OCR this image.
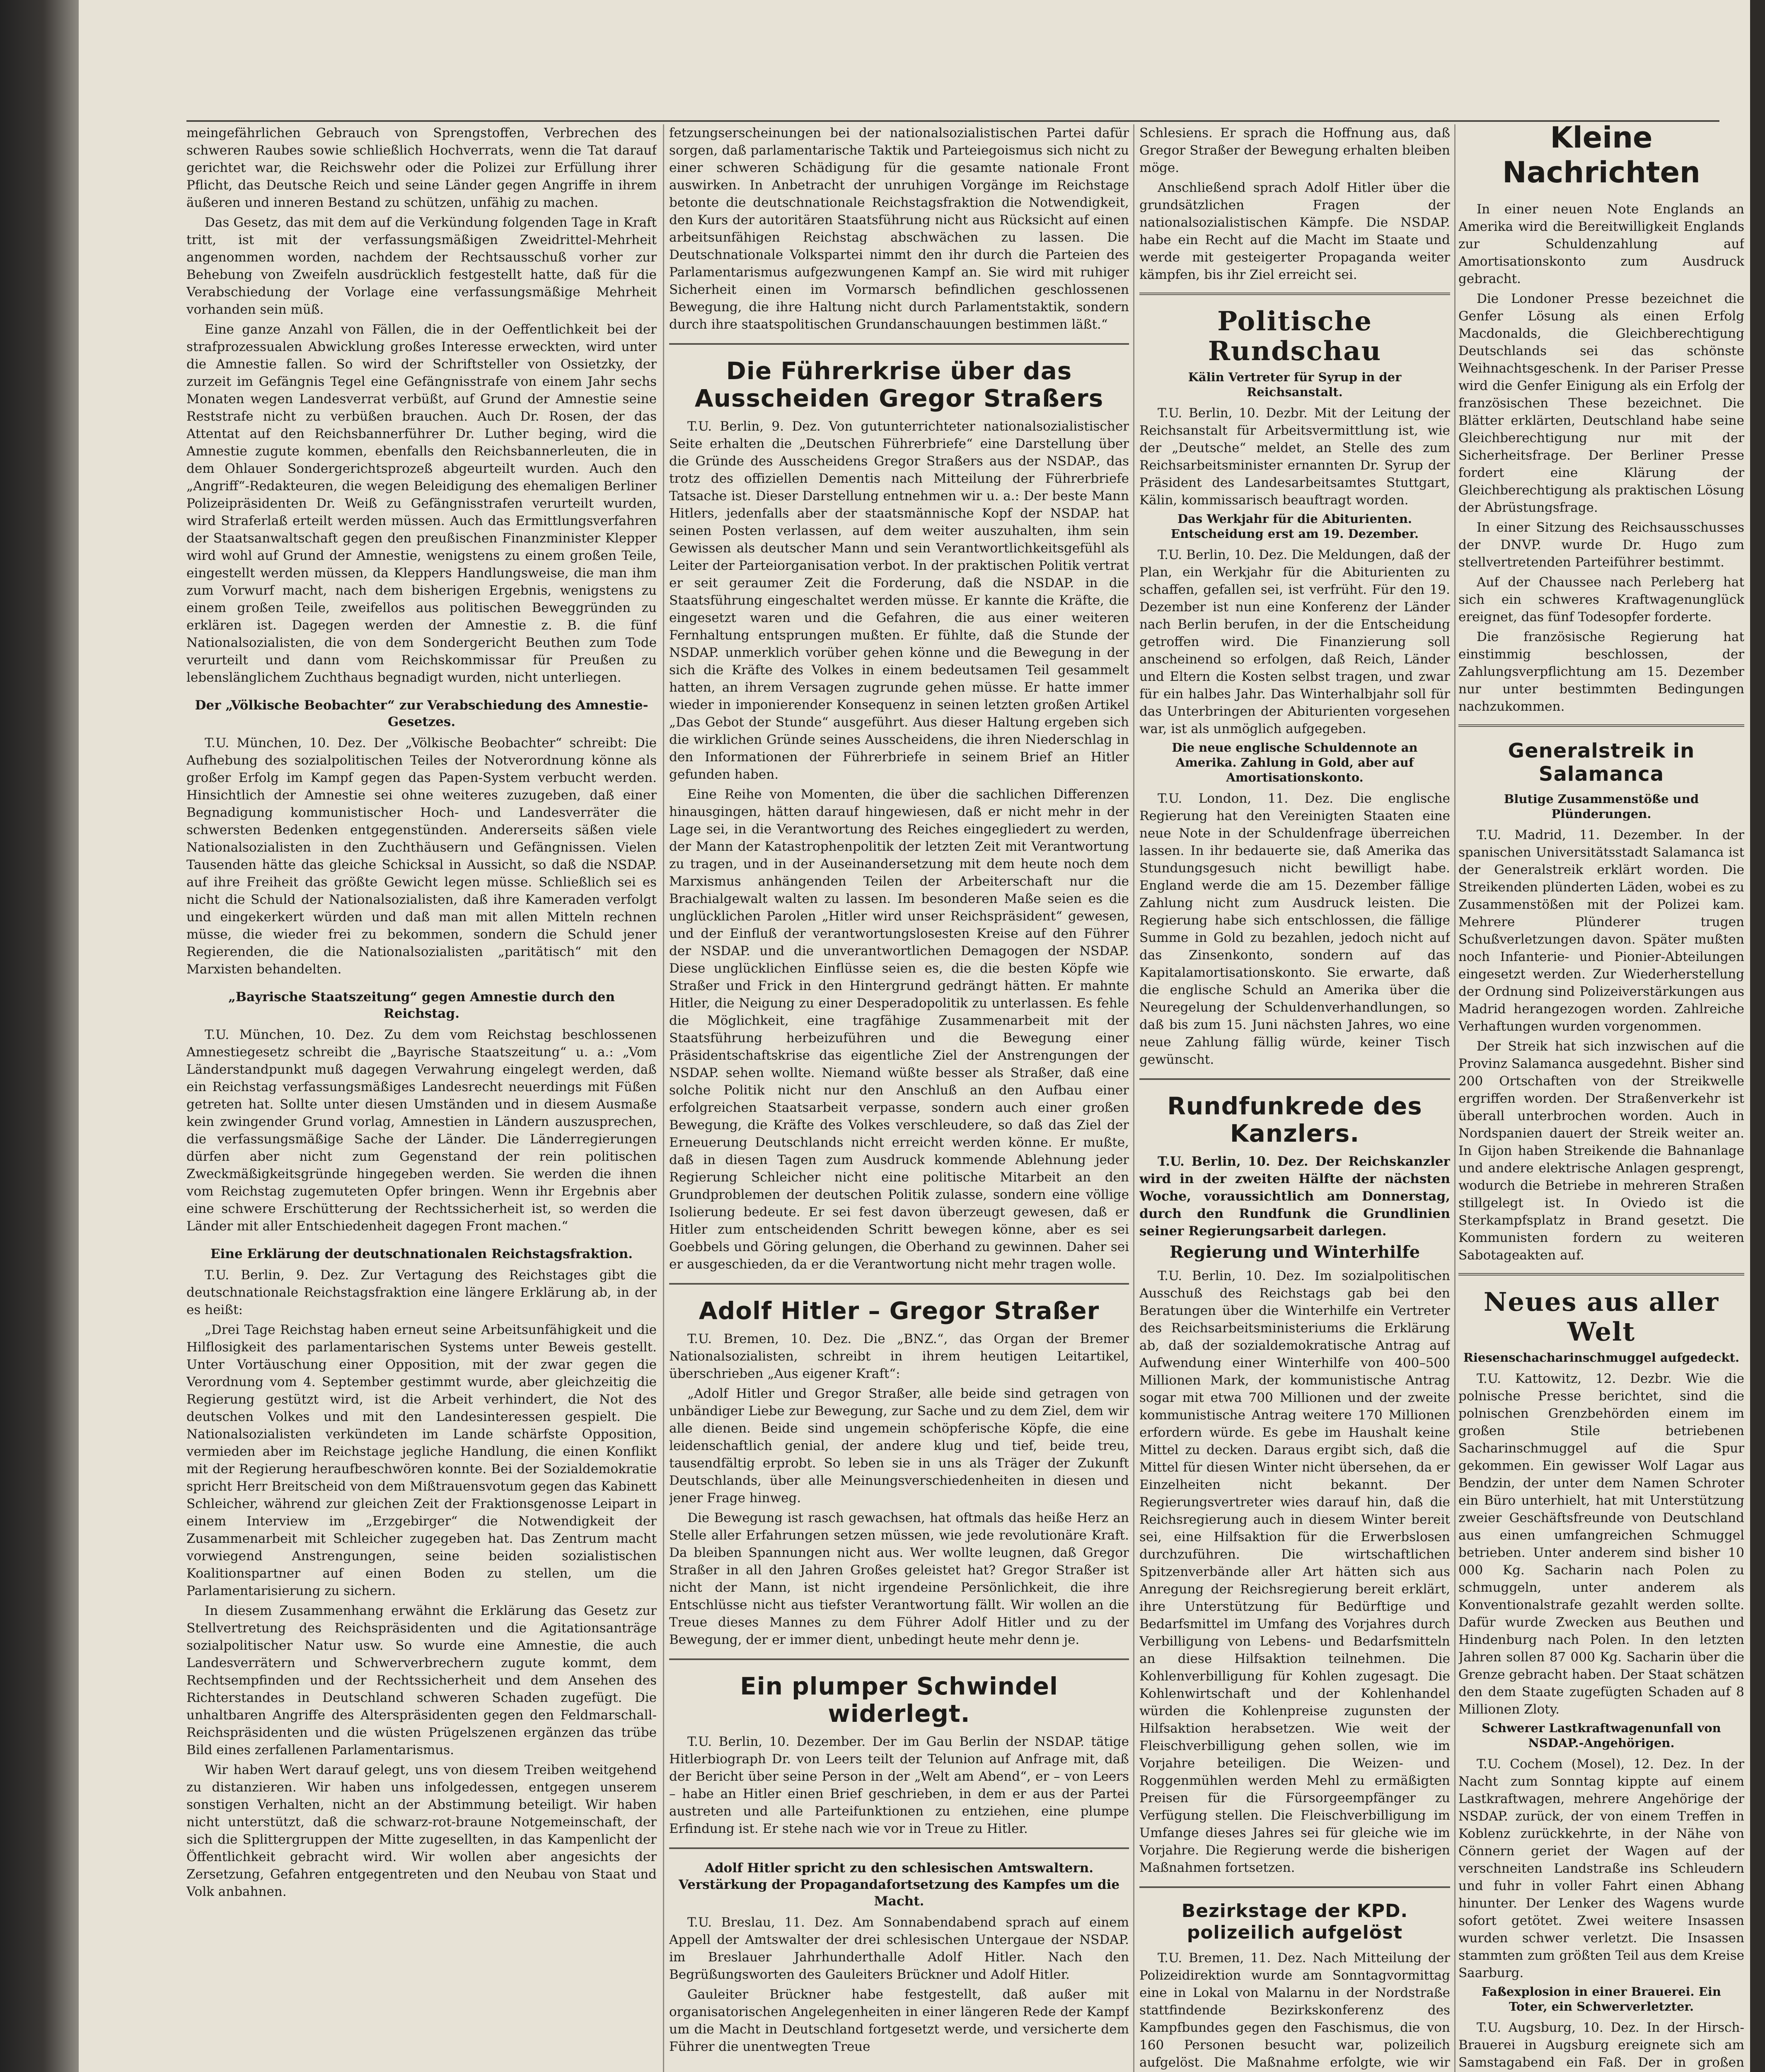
meingefährlichen Gebrauch von Sprengstoffen, Verbrechen des schweren Raubes sowie schließlich Hochverrats, wenn die Tat darauf gerichtet war, die Reichswehr oder die Polizei zur Erfüllung ihrer Pflicht, das Deutsche Reich und seine Länder gegen Angriffe in ihrem äußeren und inneren Bestand zu schützen, unfähig zu machen.

Das Gesetz, das mit dem auf die Verkündung folgenden Tage in Kraft tritt, ist mit der verfassungsmäßigen Zweidrittel-Mehrheit angenommen worden, nachdem der Rechtsausschuß vorher zur Behebung von Zweifeln ausdrücklich festgestellt hatte, daß für die Verabschiedung der Vorlage eine verfassungsmäßige Mehrheit vorhanden sein müß.

Eine ganze Anzahl von Fällen, die in der Oeffentlichkeit bei der strafprozessualen Abwicklung großes Interesse erweckten, wird unter die Amnestie fallen. So wird der Schriftsteller von Ossietzky, der zurzeit im Gefängnis Tegel eine Gefängnisstrafe von einem Jahr sechs Monaten wegen Landesverrat verbüßt, auf Grund der Amnestie seine Reststrafe nicht zu verbüßen brauchen. Auch Dr. Rosen, der das Attentat auf den Reichsbannerführer Dr. Luther beging, wird die Amnestie zugute kommen, ebenfalls den Reichsbannerleuten, die in dem Ohlauer Sondergerichtsprozeß abgeurteilt wurden. Auch den „Angriff“-Redakteuren, die wegen Beleidigung des ehemaligen Berliner Polizeipräsidenten Dr. Weiß zu Gefängnisstrafen verurteilt wurden, wird Straferlaß erteilt werden müssen. Auch das Ermittlungsverfahren der Staatsanwaltschaft gegen den preußischen Finanzminister Klepper wird wohl auf Grund der Amnestie, wenigstens zu einem großen Teile, eingestellt werden müssen, da Kleppers Handlungsweise, die man ihm zum Vorwurf macht, nach dem bisherigen Ergebnis, wenigstens zu einem großen Teile, zweifellos aus politischen Beweggründen zu erklären ist. Dagegen werden der Amnestie z. B. die fünf Nationalsozialisten, die von dem Sondergericht Beuthen zum Tode verurteilt und dann vom Reichskommissar für Preußen zu lebenslänglichem Zuchthaus begnadigt wurden, nicht unterliegen.

Der „Völkische Beobachter“ zur Verabschiedung des Amnestie-Gesetzes.

T.U. München, 10. Dez. Der „Völkische Beobachter“ schreibt: Die Aufhebung des sozialpolitischen Teiles der Notverordnung könne als großer Erfolg im Kampf gegen das Papen-System verbucht werden. Hinsichtlich der Amnestie sei ohne weiteres zuzugeben, daß einer Begnadigung kommunistischer Hoch- und Landesverräter die schwersten Bedenken entgegenstünden. Andererseits säßen viele Nationalsozialisten in den Zuchthäusern und Gefängnissen. Vielen Tausenden hätte das gleiche Schicksal in Aussicht, so daß die NSDAP. auf ihre Freiheit das größte Gewicht legen müsse. Schließlich sei es nicht die Schuld der Nationalsozialisten, daß ihre Kameraden verfolgt und eingekerkert würden und daß man mit allen Mitteln rechnen müsse, die wieder frei zu bekommen, sondern die Schuld jener Regierenden, die die Nationalsozialisten „paritätisch“ mit den Marxisten behandelten.

„Bayrische Staatszeitung“ gegen Amnestie durch den Reichstag.

T.U. München, 10. Dez. Zu dem vom Reichstag beschlossenen Amnestiegesetz schreibt die „Bayrische Staatszeitung“ u. a.: „Vom Länderstandpunkt muß dagegen Verwahrung eingelegt werden, daß ein Reichstag verfassungsmäßiges Landesrecht neuerdings mit Füßen getreten hat. Sollte unter diesen Umständen und in diesem Ausmaße kein zwingender Grund vorlag, Amnestien in Ländern auszusprechen, die verfassungsmäßige Sache der Länder. Die Länderregierungen dürfen aber nicht zum Gegenstand der rein politischen Zweckmäßigkeitsgründe hingegeben werden. Sie werden die ihnen vom Reichstag zugemuteten Opfer bringen. Wenn ihr Ergebnis aber eine schwere Erschütterung der Rechtssicherheit ist, so werden die Länder mit aller Entschiedenheit dagegen Front machen.“

Eine Erklärung der deutschnationalen Reichstagsfraktion.

T.U. Berlin, 9. Dez. Zur Vertagung des Reichstages gibt die deutschnationale Reichstagsfraktion eine längere Erklärung ab, in der es heißt:

„Drei Tage Reichstag haben erneut seine Arbeitsunfähigkeit und die Hilflosigkeit des parlamentarischen Systems unter Beweis gestellt. Unter Vortäuschung einer Opposition, mit der zwar gegen die Verordnung vom 4. September gestimmt wurde, aber gleichzeitig die Regierung gestützt wird, ist die Arbeit verhindert, die Not des deutschen Volkes und mit den Landesinteressen gespielt. Die Nationalsozialisten verkündeten im Lande schärfste Opposition, vermieden aber im Reichstage jegliche Handlung, die einen Konflikt mit der Regierung heraufbeschwören konnte. Bei der Sozialdemokratie spricht Herr Breitscheid von dem Mißtrauensvotum gegen das Kabinett Schleicher, während zur gleichen Zeit der Fraktionsgenosse Leipart in einem Interview im „Erzgebirger“ die Notwendigkeit der Zusammenarbeit mit Schleicher zugegeben hat. Das Zentrum macht vorwiegend Anstrengungen, seine beiden sozialistischen Koalitionspartner auf einen Boden zu stellen, um die Parlamentarisierung zu sichern.

In diesem Zusammenhang erwähnt die Erklärung das Gesetz zur Stellvertretung des Reichspräsidenten und die Agitationsanträge sozialpolitischer Natur usw. So wurde eine Amnestie, die auch Landesverrätern und Schwerverbrechern zugute kommt, dem Rechtsempfinden und der Rechtssicherheit und dem Ansehen des Richterstandes in Deutschland schweren Schaden zugefügt. Die unhaltbaren Angriffe des Alterspräsidenten gegen den Feldmarschall-Reichspräsidenten und die wüsten Prügelszenen ergänzen das trübe Bild eines zerfallenen Parlamentarismus.

Wir haben Wert darauf gelegt, uns von diesem Treiben weitgehend zu distanzieren. Wir haben uns infolgedessen, entgegen unserem sonstigen Verhalten, nicht an der Abstimmung beteiligt. Wir haben nicht unterstützt, daß die schwarz-rot-braune Notgemeinschaft, der sich die Splittergruppen der Mitte zugesellten, in das Kampenlicht der Öffentlichkeit gebracht wird. Wir wollen aber angesichts der Zersetzung, Gefahren entgegentreten und den Neubau von Staat und Volk anbahnen.

fetzungserscheinungen bei der nationalsozialistischen Partei dafür sorgen, daß parlamentarische Taktik und Parteiegoismus sich nicht zu einer schweren Schädigung für die gesamte nationale Front auswirken. In Anbetracht der unruhigen Vorgänge im Reichstage betonte die deutschnationale Reichstagsfraktion die Notwendigkeit, den Kurs der autoritären Staatsführung nicht aus Rücksicht auf einen arbeitsunfähigen Reichstag abschwächen zu lassen. Die Deutschnationale Volkspartei nimmt den ihr durch die Parteien des Parlamentarismus aufgezwungenen Kampf an. Sie wird mit ruhiger Sicherheit einen im Vormarsch befindlichen geschlossenen Bewegung, die ihre Haltung nicht durch Parlamentstaktik, sondern durch ihre staatspolitischen Grundanschauungen bestimmen läßt.“

Die Führerkrise über das Ausscheiden Gregor Straßers

T.U. Berlin, 9. Dez. Von gutunterrichteter nationalsozialistischer Seite erhalten die „Deutschen Führerbriefe“ eine Darstellung über die Gründe des Ausscheidens Gregor Straßers aus der NSDAP., das trotz des offiziellen Dementis nach Mitteilung der Führerbriefe Tatsache ist. Dieser Darstellung entnehmen wir u. a.: Der beste Mann Hitlers, jedenfalls aber der staatsmännische Kopf der NSDAP. hat seinen Posten verlassen, auf dem weiter auszuhalten, ihm sein Gewissen als deutscher Mann und sein Verantwortlichkeitsgefühl als Leiter der Parteiorganisation verbot. In der praktischen Politik vertrat er seit geraumer Zeit die Forderung, daß die NSDAP. in die Staatsführung eingeschaltet werden müsse. Er kannte die Kräfte, die eingesetzt waren und die Gefahren, die aus einer weiteren Fernhaltung entsprungen mußten. Er fühlte, daß die Stunde der NSDAP. unmerklich vorüber gehen könne und die Bewegung in der sich die Kräfte des Volkes in einem bedeutsamen Teil gesammelt hatten, an ihrem Versagen zugrunde gehen müsse. Er hatte immer wieder in imponierender Konsequenz in seinen letzten großen Artikel „Das Gebot der Stunde“ ausgeführt. Aus dieser Haltung ergeben sich die wirklichen Gründe seines Ausscheidens, die ihren Niederschlag in den Informationen der Führerbriefe in seinem Brief an Hitler gefunden haben.

Eine Reihe von Momenten, die über die sachlichen Differenzen hinausgingen, hätten darauf hingewiesen, daß er nicht mehr in der Lage sei, in die Verantwortung des Reiches eingegliedert zu werden, der Mann der Katastrophenpolitik der letzten Zeit mit Verantwortung zu tragen, und in der Auseinandersetzung mit dem heute noch dem Marxismus anhängenden Teilen der Arbeiterschaft nur die Brachialgewalt walten zu lassen. Im besonderen Maße seien es die unglücklichen Parolen „Hitler wird unser Reichspräsident“ gewesen, und der Einfluß der verantwortungslosesten Kreise auf den Führer der NSDAP. und die unverantwortlichen Demagogen der NSDAP. Diese unglücklichen Einflüsse seien es, die die besten Köpfe wie Straßer und Frick in den Hintergrund gedrängt hätten. Er mahnte Hitler, die Neigung zu einer Desperadopolitik zu unterlassen. Es fehle die Möglichkeit, eine tragfähige Zusammenarbeit mit der Staatsführung herbeizuführen und die Bewegung einer Präsidentschaftskrise das eigentliche Ziel der Anstrengungen der NSDAP. sehen wollte. Niemand wüßte besser als Straßer, daß eine solche Politik nicht nur den Anschluß an den Aufbau einer erfolgreichen Staatsarbeit verpasse, sondern auch einer großen Bewegung, die Kräfte des Volkes verschleudere, so daß das Ziel der Erneuerung Deutschlands nicht erreicht werden könne. Er mußte, daß in diesen Tagen zum Ausdruck kommende Ablehnung jeder Regierung Schleicher nicht eine politische Mitarbeit an den Grundproblemen der deutschen Politik zulasse, sondern eine völlige Isolierung bedeute. Er sei fest davon überzeugt gewesen, daß er Hitler zum entscheidenden Schritt bewegen könne, aber es sei Goebbels und Göring gelungen, die Oberhand zu gewinnen. Daher sei er ausgeschieden, da er die Verantwortung nicht mehr tragen wolle.

Adolf Hitler – Gregor Straßer

T.U. Bremen, 10. Dez. Die „BNZ.“, das Organ der Bremer Nationalsozialisten, schreibt in ihrem heutigen Leitartikel, überschrieben „Aus eigener Kraft“:

„Adolf Hitler und Gregor Straßer, alle beide sind getragen von unbändiger Liebe zur Bewegung, zur Sache und zu dem Ziel, dem wir alle dienen. Beide sind ungemein schöpferische Köpfe, die eine leidenschaftlich genial, der andere klug und tief, beide treu, tausendfältig erprobt. So leben sie in uns als Träger der Zukunft Deutschlands, über alle Meinungsverschiedenheiten in diesen und jener Frage hinweg.

Die Bewegung ist rasch gewachsen, hat oftmals das heiße Herz an Stelle aller Erfahrungen setzen müssen, wie jede revolutionäre Kraft. Da bleiben Spannungen nicht aus. Wer wollte leugnen, daß Gregor Straßer in all den Jahren Großes geleistet hat? Gregor Straßer ist nicht der Mann, ist nicht irgendeine Persönlichkeit, die ihre Entschlüsse nicht aus tiefster Verantwortung fällt. Wir wollen an die Treue dieses Mannes zu dem Führer Adolf Hitler und zu der Bewegung, der er immer dient, unbedingt heute mehr denn je.

Ein plumper Schwindel widerlegt.

T.U. Berlin, 10. Dezember. Der im Gau Berlin der NSDAP. tätige Hitlerbiograph Dr. von Leers teilt der Telunion auf Anfrage mit, daß der Bericht über seine Person in der „Welt am Abend“, er – von Leers – habe an Hitler einen Brief geschrieben, in dem er aus der Partei austreten und alle Parteifunktionen zu entziehen, eine plumpe Erfindung ist. Er stehe nach wie vor in Treue zu Hitler.

Adolf Hitler spricht zu den schlesischen Amtswaltern. Verstärkung der Propagandafortsetzung des Kampfes um die Macht.

T.U. Breslau, 11. Dez. Am Sonnabendabend sprach auf einem Appell der Amtswalter der drei schlesischen Untergaue der NSDAP. im Breslauer Jahrhunderthalle Adolf Hitler. Nach den Begrüßungsworten des Gauleiters Brückner und Adolf Hitler.

Gauleiter Brückner habe festgestellt, daß außer mit organisatorischen Angelegenheiten in einer längeren Rede der Kampf um die Macht in Deutschland fortgesetzt werde, und versicherte dem Führer die unentwegten Treue

Schlesiens. Er sprach die Hoffnung aus, daß Gregor Straßer der Bewegung erhalten bleiben möge.

Anschließend sprach Adolf Hitler über die grundsätzlichen Fragen der nationalsozialistischen Kämpfe. Die NSDAP. habe ein Recht auf die Macht im Staate und werde mit gesteigerter Propaganda weiter kämpfen, bis ihr Ziel erreicht sei.

Politische Rundschau
Kälin Vertreter für Syrup in der Reichsanstalt.

T.U. Berlin, 10. Dezbr. Mit der Leitung der Reichsanstalt für Arbeitsvermittlung ist, wie der „Deutsche“ meldet, an Stelle des zum Reichsarbeitsminister ernannten Dr. Syrup der Präsident des Landesarbeitsamtes Stuttgart, Kälin, kommissarisch beauftragt worden.

Das Werkjahr für die Abiturienten. Entscheidung erst am 19. Dezember.

T.U. Berlin, 10. Dez. Die Meldungen, daß der Plan, ein Werkjahr für die Abiturienten zu schaffen, gefallen sei, ist verfrüht. Für den 19. Dezember ist nun eine Konferenz der Länder nach Berlin berufen, in der die Entscheidung getroffen wird. Die Finanzierung soll anscheinend so erfolgen, daß Reich, Länder und Eltern die Kosten selbst tragen, und zwar für ein halbes Jahr. Das Winterhalbjahr soll für das Unterbringen der Abiturienten vorgesehen war, ist als unmöglich aufgegeben.

Die neue englische Schuldennote an Amerika. Zahlung in Gold, aber auf Amortisationskonto.

T.U. London, 11. Dez. Die englische Regierung hat den Vereinigten Staaten eine neue Note in der Schuldenfrage überreichen lassen. In ihr bedauerte sie, daß Amerika das Stundungsgesuch nicht bewilligt habe. England werde die am 15. Dezember fällige Zahlung nicht zum Ausdruck leisten. Die Regierung habe sich entschlossen, die fällige Summe in Gold zu bezahlen, jedoch nicht auf das Zinsenkonto, sondern auf das Kapitalamortisationskonto. Sie erwarte, daß die englische Schuld an Amerika über die Neuregelung der Schuldenverhandlungen, so daß bis zum 15. Juni nächsten Jahres, wo eine neue Zahlung fällig würde, keiner Tisch gewünscht.

Rundfunkrede des Kanzlers.

T.U. Berlin, 10. Dez. Der Reichskanzler wird in der zweiten Hälfte der nächsten Woche, voraussichtlich am Donnerstag, durch den Rundfunk die Grundlinien seiner Regierungsarbeit darlegen.

Regierung und Winterhilfe

T.U. Berlin, 10. Dez. Im sozialpolitischen Ausschuß des Reichstags gab bei den Beratungen über die Winterhilfe ein Vertreter des Reichsarbeitsministeriums die Erklärung ab, daß der sozialdemokratische Antrag auf Aufwendung einer Winterhilfe von 400–500 Millionen Mark, der kommunistische Antrag sogar mit etwa 700 Millionen und der zweite kommunistische Antrag weitere 170 Millionen erfordern würde. Es gebe im Haushalt keine Mittel zu decken. Daraus ergibt sich, daß die Mittel für diesen Winter nicht übersehen, da er Einzelheiten nicht bekannt. Der Regierungsvertreter wies darauf hin, daß die Reichsregierung auch in diesem Winter bereit sei, eine Hilfsaktion für die Erwerbslosen durchzuführen. Die wirtschaftlichen Spitzenverbände aller Art hätten sich aus Anregung der Reichsregierung bereit erklärt, ihre Unterstützung für Bedürftige und Bedarfsmittel im Umfang des Vorjahres durch Verbilligung von Lebens- und Bedarfsmitteln an diese Hilfsaktion teilnehmen. Die Kohlenverbilligung für Kohlen zugesagt. Die Kohlenwirtschaft und der Kohlenhandel würden die Kohlenpreise zugunsten der Hilfsaktion herabsetzen. Wie weit der Fleischverbilligung gehen sollen, wie im Vorjahre beteiligen. Die Weizen- und Roggenmühlen werden Mehl zu ermäßigten Preisen für die Fürsorgeempfänger zu Verfügung stellen. Die Fleischverbilligung im Umfange dieses Jahres sei für gleiche wie im Vorjahre. Die Regierung werde die bisherigen Maßnahmen fortsetzen.

Bezirkstage der KPD. polizeilich aufgelöst

T.U. Bremen, 11. Dez. Nach Mitteilung der Polizeidirektion wurde am Sonntagvormittag eine in Lokal von Malarnu in der Nordstraße stattfindende Bezirkskonferenz des Kampfbundes gegen den Faschismus, die von 160 Personen besucht war, polizeilich aufgelöst. Die Maßnahme erfolgte, wie wir

Kleine Nachrichten

In einer neuen Note Englands an Amerika wird die Bereitwilligkeit Englands zur Schuldenzahlung auf Amortisationskonto zum Ausdruck gebracht.

Die Londoner Presse bezeichnet die Genfer Lösung als einen Erfolg Macdonalds, die Gleichberechtigung Deutschlands sei das schönste Weihnachtsgeschenk. In der Pariser Presse wird die Genfer Einigung als ein Erfolg der französischen These bezeichnet. Die Blätter erklärten, Deutschland habe seine Gleichberechtigung nur mit der Sicherheitsfrage. Der Berliner Presse fordert eine Klärung der Gleichberechtigung als praktischen Lösung der Abrüstungsfrage.

In einer Sitzung des Reichsausschusses der DNVP. wurde Dr. Hugo zum stellvertretenden Parteiführer bestimmt.

Auf der Chaussee nach Perleberg hat sich ein schweres Kraftwagenunglück ereignet, das fünf Todesopfer forderte.

Die französische Regierung hat einstimmig beschlossen, der Zahlungsverpflichtung am 15. Dezember nur unter bestimmten Bedingungen nachzukommen.

Generalstreik in Salamanca
Blutige Zusammenstöße und Plünderungen.

T.U. Madrid, 11. Dezember. In der spanischen Universitätsstadt Salamanca ist der Generalstreik erklärt worden. Die Streikenden plünderten Läden, wobei es zu Zusammenstößen mit der Polizei kam. Mehrere Plünderer trugen Schußverletzungen davon. Später mußten noch Infanterie- und Pionier-Abteilungen eingesetzt werden. Zur Wiederherstellung der Ordnung sind Polizeiverstärkungen aus Madrid herangezogen worden. Zahlreiche Verhaftungen wurden vorgenommen.

Der Streik hat sich inzwischen auf die Provinz Salamanca ausgedehnt. Bisher sind 200 Ortschaften von der Streikwelle ergriffen worden. Der Straßenverkehr ist überall unterbrochen worden. Auch in Nordspanien dauert der Streik weiter an. In Gijon haben Streikende die Bahnanlage und andere elektrische Anlagen gesprengt, wodurch die Betriebe in mehreren Straßen stillgelegt ist. In Oviedo ist die Sterkampfsplatz in Brand gesetzt. Die Kommunisten fordern zu weiteren Sabotageakten auf.

Neues aus aller Welt
Riesenschacharinschmuggel aufgedeckt.

T.U. Kattowitz, 12. Dezbr. Wie die polnische Presse berichtet, sind die polnischen Grenzbehörden einem im großen Stile betriebenen Sacharinschmuggel auf die Spur gekommen. Ein gewisser Wolf Lagar aus Bendzin, der unter dem Namen Schroter ein Büro unterhielt, hat mit Unterstützung zweier Geschäftsfreunde von Deutschland aus einen umfangreichen Schmuggel betrieben. Unter anderem sind bisher 10 000 Kg. Sacharin nach Polen zu schmuggeln, unter anderem als Konventionalstrafe gezahlt werden sollte. Dafür wurde Zwecken aus Beuthen und Hindenburg nach Polen. In den letzten Jahren sollen 87 000 Kg. Sacharin über die Grenze gebracht haben. Der Staat schätzen den dem Staate zugefügten Schaden auf 8 Millionen Zloty.

Schwerer Lastkraftwagenunfall von NSDAP.-Angehörigen.

T.U. Cochem (Mosel), 12. Dez. In der Nacht zum Sonntag kippte auf einem Lastkraftwagen, mehrere Angehörige der NSDAP. zurück, der von einem Treffen in Koblenz zurückkehrte, in der Nähe von Cönnern geriet der Wagen auf der verschneiten Landstraße ins Schleudern und fuhr in voller Fahrt einen Abhang hinunter. Der Lenker des Wagens wurde sofort getötet. Zwei weitere Insassen wurden schwer verletzt. Die Insassen stammten zum größten Teil aus dem Kreise Saarburg.

Faßexplosion in einer Brauerei. Ein Toter, ein Schwerverletzter.

T.U. Augsburg, 10. Dez. In der Hirsch-Brauerei in Augsburg ereignete sich am Samstagabend ein Faß. Der in großen
